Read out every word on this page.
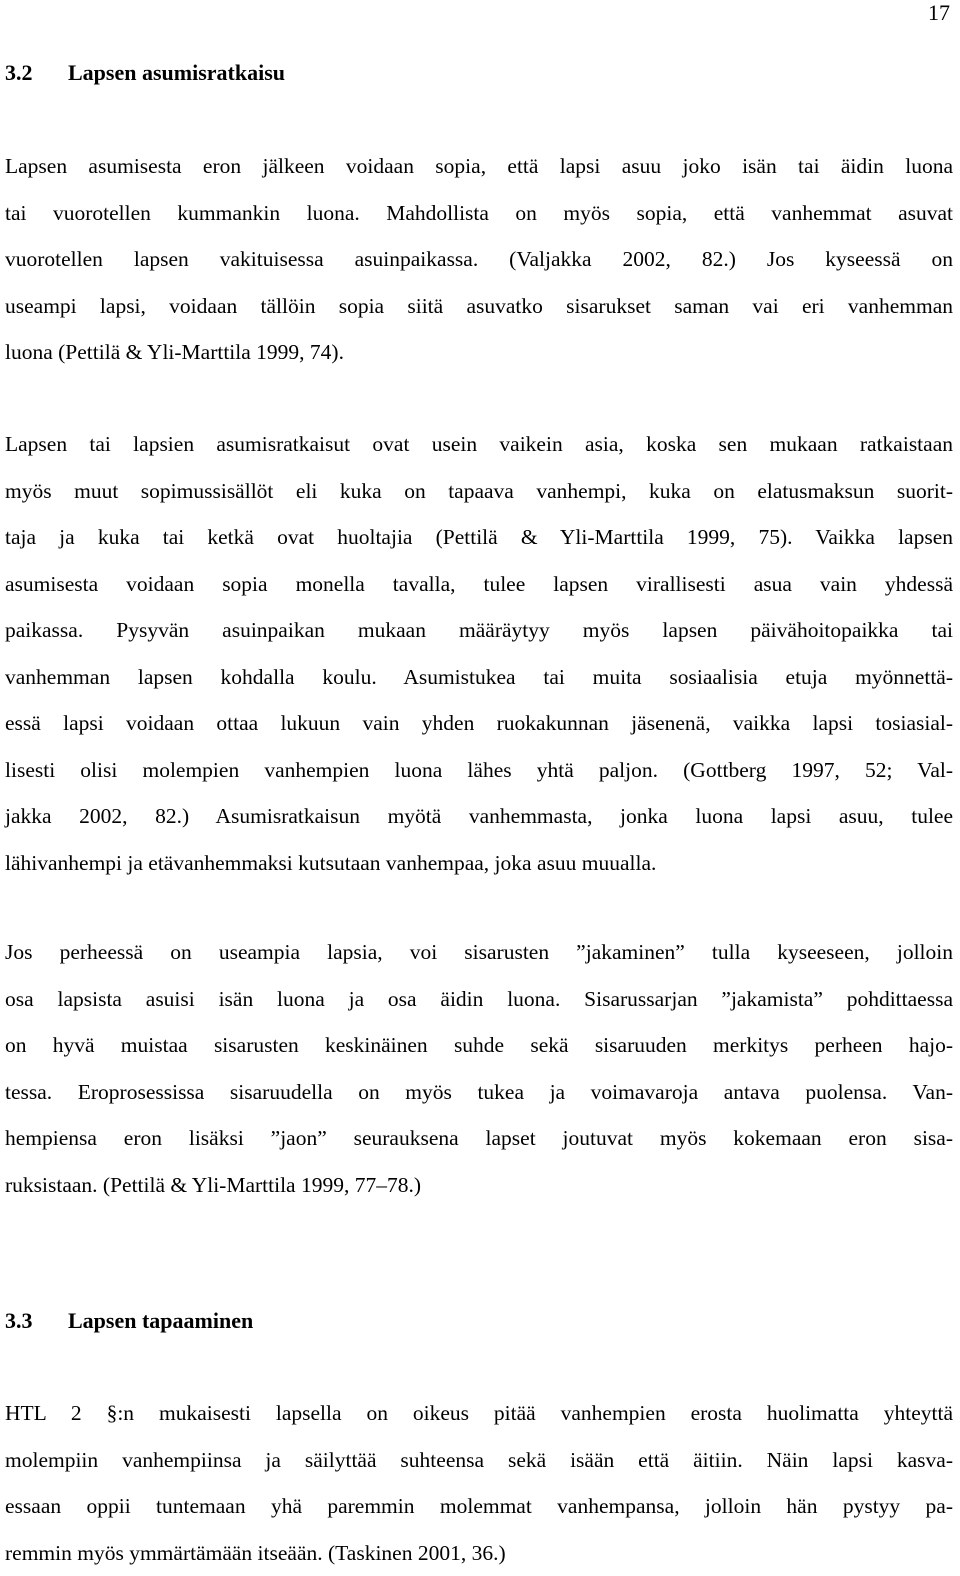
17
3.2 Lapsen asumisratkaisu
Lapsen asumisesta eron jälkeen voidaan sopia, että lapsi asuu joko isän tai äidin luona
tai vuorotellen kummankin luona. Mahdollista on myös sopia, että vanhemmat asuvat
vuorotellen lapsen vakituisessa asuinpaikassa. (Valjakka 2002, 82.) Jos kyseessä on
useampi lapsi, voidaan tällöin sopia siitä asuvatko sisarukset saman vai eri vanhemman
luona (Pettilä & Yli-Marttila 1999, 74).
Lapsen tai lapsien asumisratkaisut ovat usein vaikein asia, koska sen mukaan ratkaistaan
myös muut sopimussisällöt eli kuka on tapaava vanhempi, kuka on elatusmaksun suorit-
taja ja kuka tai ketkä ovat huoltajia (Pettilä & Yli-Marttila 1999, 75). Vaikka lapsen
asumisesta voidaan sopia monella tavalla, tulee lapsen virallisesti asua vain yhdessä
paikassa. Pysyvän asuinpaikan mukaan määräytyy myös lapsen päivähoitopaikka tai
vanhemman lapsen kohdalla koulu. Asumistukea tai muita sosiaalisia etuja myönnettä-
essä lapsi voidaan ottaa lukuun vain yhden ruokakunnan jäsenenä, vaikka lapsi tosiasial-
lisesti olisi molempien vanhempien luona lähes yhtä paljon. (Gottberg 1997, 52; Val-
jakka 2002, 82.) Asumisratkaisun myötä vanhemmasta, jonka luona lapsi asuu, tulee
lähivanhempi ja etävanhemmaksi kutsutaan vanhempaa, joka asuu muualla.
Jos perheessä on useampia lapsia, voi sisarusten ”jakaminen” tulla kyseeseen, jolloin
osa lapsista asuisi isän luona ja osa äidin luona. Sisarussarjan ”jakamista” pohdittaessa
on hyvä muistaa sisarusten keskinäinen suhde sekä sisaruuden merkitys perheen hajo-
tessa. Eroprosessissa sisaruudella on myös tukea ja voimavaroja antava puolensa. Van-
hempiensa eron lisäksi ”jaon” seurauksena lapset joutuvat myös kokemaan eron sisa-
ruksistaan. (Pettilä & Yli-Marttila 1999, 77–78.)
3.3 Lapsen tapaaminen
HTL 2 §:n mukaisesti lapsella on oikeus pitää vanhempien erosta huolimatta yhteyttä
molempiin vanhempiinsa ja säilyttää suhteensa sekä isään että äitiin. Näin lapsi kasva-
essaan oppii tuntemaan yhä paremmin molemmat vanhempansa, jolloin hän pystyy pa-
remmin myös ymmärtämään itseään. (Taskinen 2001, 36.)
